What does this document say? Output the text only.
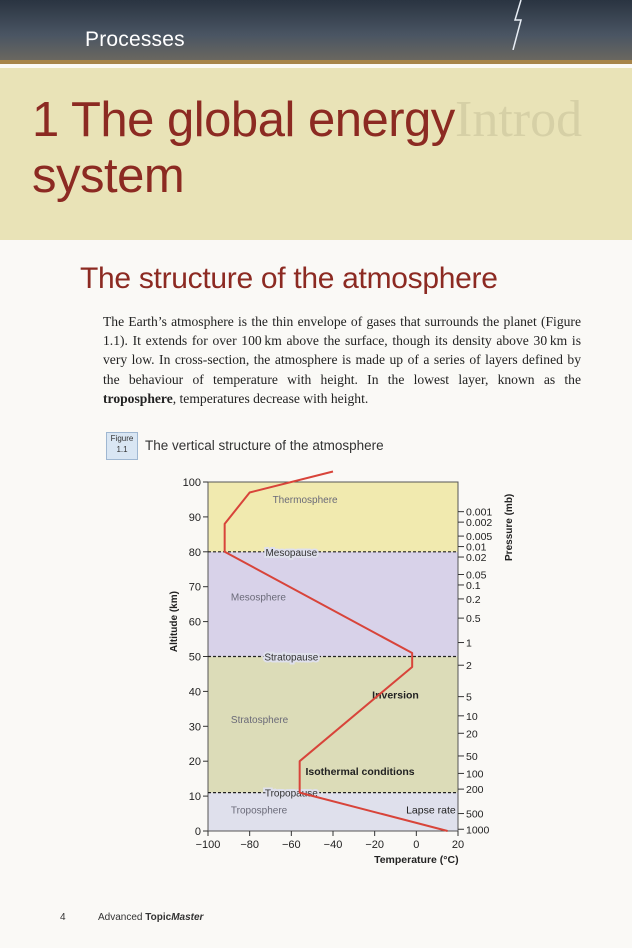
Processes
Introd
1 The global energy system
The structure of the atmosphere

The Earth’s atmosphere is the thin envelope of gases that surrounds the planet (Figure 1.1). It extends for over 100 km above the surface, though its density above 30 km is very low. In cross-section, the atmosphere is made up of a series of layers defined by the behaviour of temperature with height. In the lowest layer, known as the troposphere, temperatures decrease with height.

Figure
1.1	The vertical structure of the atmosphere

Tropopause
Stratopause
Mesopause
0
10
20
30
40
50
60
70
80
90
100
−100 −80 −60 −40 −20	0	20
Temperature (°C)
Altitude (km)
0.001
0.002
0.005
0.01
0.02
0.05
0.1
0.2
0.5
1
2
5
10
20
50
100
200
500
1000
Pressure (mb)
Thermosphere
Mesosphere
Stratosphere
Troposphere
Inversion
Isothermal conditions
Lapse rate
4	Advanced TopicMaster
